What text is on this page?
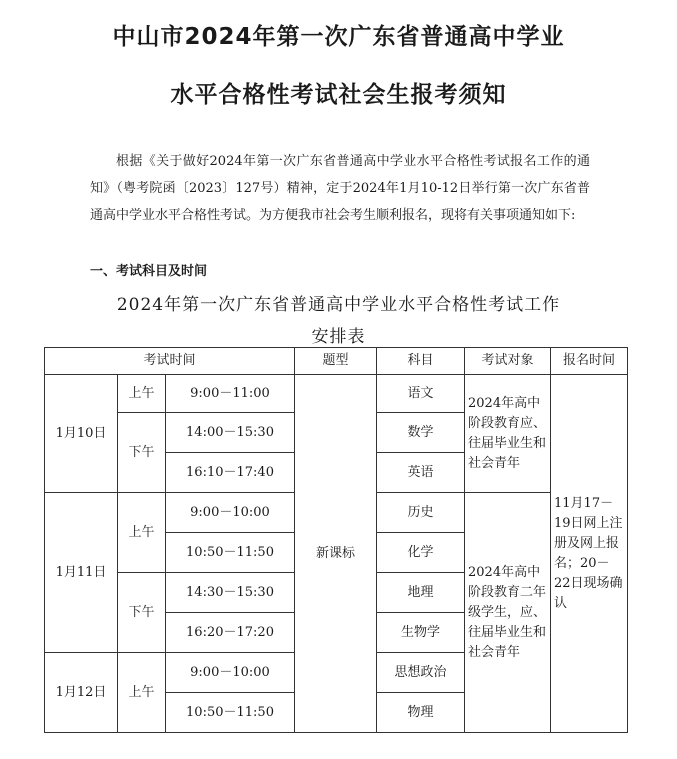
中山市2024年第一次广东省普通高中学业
水平合格性考试社会生报考须知
根据《关于做好2024年第一次广东省普通高中学业水平合格性考试报名工作的通知》（粤考院函〔2023〕127号）精神，定于2024年1月10-12日举行第一次广东省普通高中学业水平合格性考试。为方便我市社会考生顺利报名，现将有关事项通知如下:
一、考试科目及时间
2024年第一次广东省普通高中学业水平合格性考试工作
安排表
考试时间			题型	科目	考试对象	报名时间
1月10日	上午	9:00－11:00	新课标	语文	2024年高中阶段教育应、往届毕业生和社会青年	11月17－19日网上注册及网上报名；20－22日现场确认
	下午	14:00－15:30		数学		
		16:10－17:40		英语		
1月11日	上午	9:00－10:00		历史	2024年高中阶段教育二年级学生，应、往届毕业生和社会青年	
		10:50－11:50		化学		
	下午	14:30－15:30		地理		
		16:20－17:20		生物学		
1月12日	上午	9:00－10:00		思想政治		
		10:50－11:50		物理		
